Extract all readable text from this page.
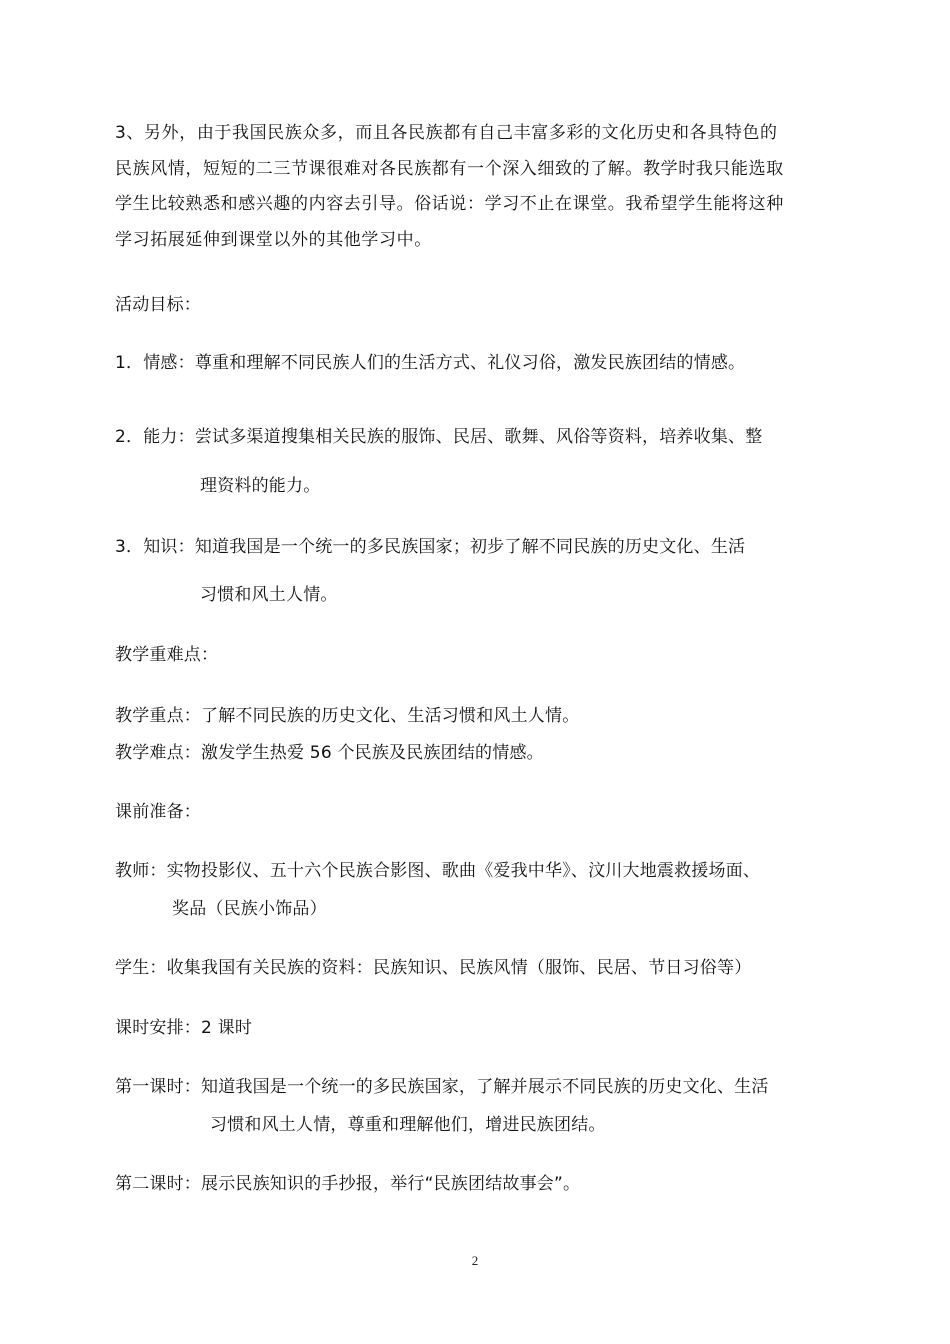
3、另外，由于我国民族众多，而且各民族都有自己丰富多彩的文化历史和各具特色的
民族风情，短短的二三节课很难对各民族都有一个深入细致的了解。教学时我只能选取
学生比较熟悉和感兴趣的内容去引导。俗话说：学习不止在课堂。我希望学生能将这种
学习拓展延伸到课堂以外的其他学习中。
活动目标：
1．情感：尊重和理解不同民族人们的生活方式、礼仪习俗，激发民族团结的情感。
2．能力：尝试多渠道搜集相关民族的服饰、民居、歌舞、风俗等资料，培养收集、整
理资料的能力。
3．知识：知道我国是一个统一的多民族国家；初步了解不同民族的历史文化、生活
习惯和风土人情。
教学重难点：
教学重点：了解不同民族的历史文化、生活习惯和风土人情。
教学难点：激发学生热爱 56 个民族及民族团结的情感。
课前准备：
教师：实物投影仪、五十六个民族合影图、歌曲《爱我中华》、汶川大地震救援场面、
奖品（民族小饰品）
学生：收集我国有关民族的资料：民族知识、民族风情（服饰、民居、节日习俗等）
课时安排：2 课时
第一课时：知道我国是一个统一的多民族国家，了解并展示不同民族的历史文化、生活
习惯和风土人情，尊重和理解他们，增进民族团结。
第二课时：展示民族知识的手抄报，举行“民族团结故事会”。
2
